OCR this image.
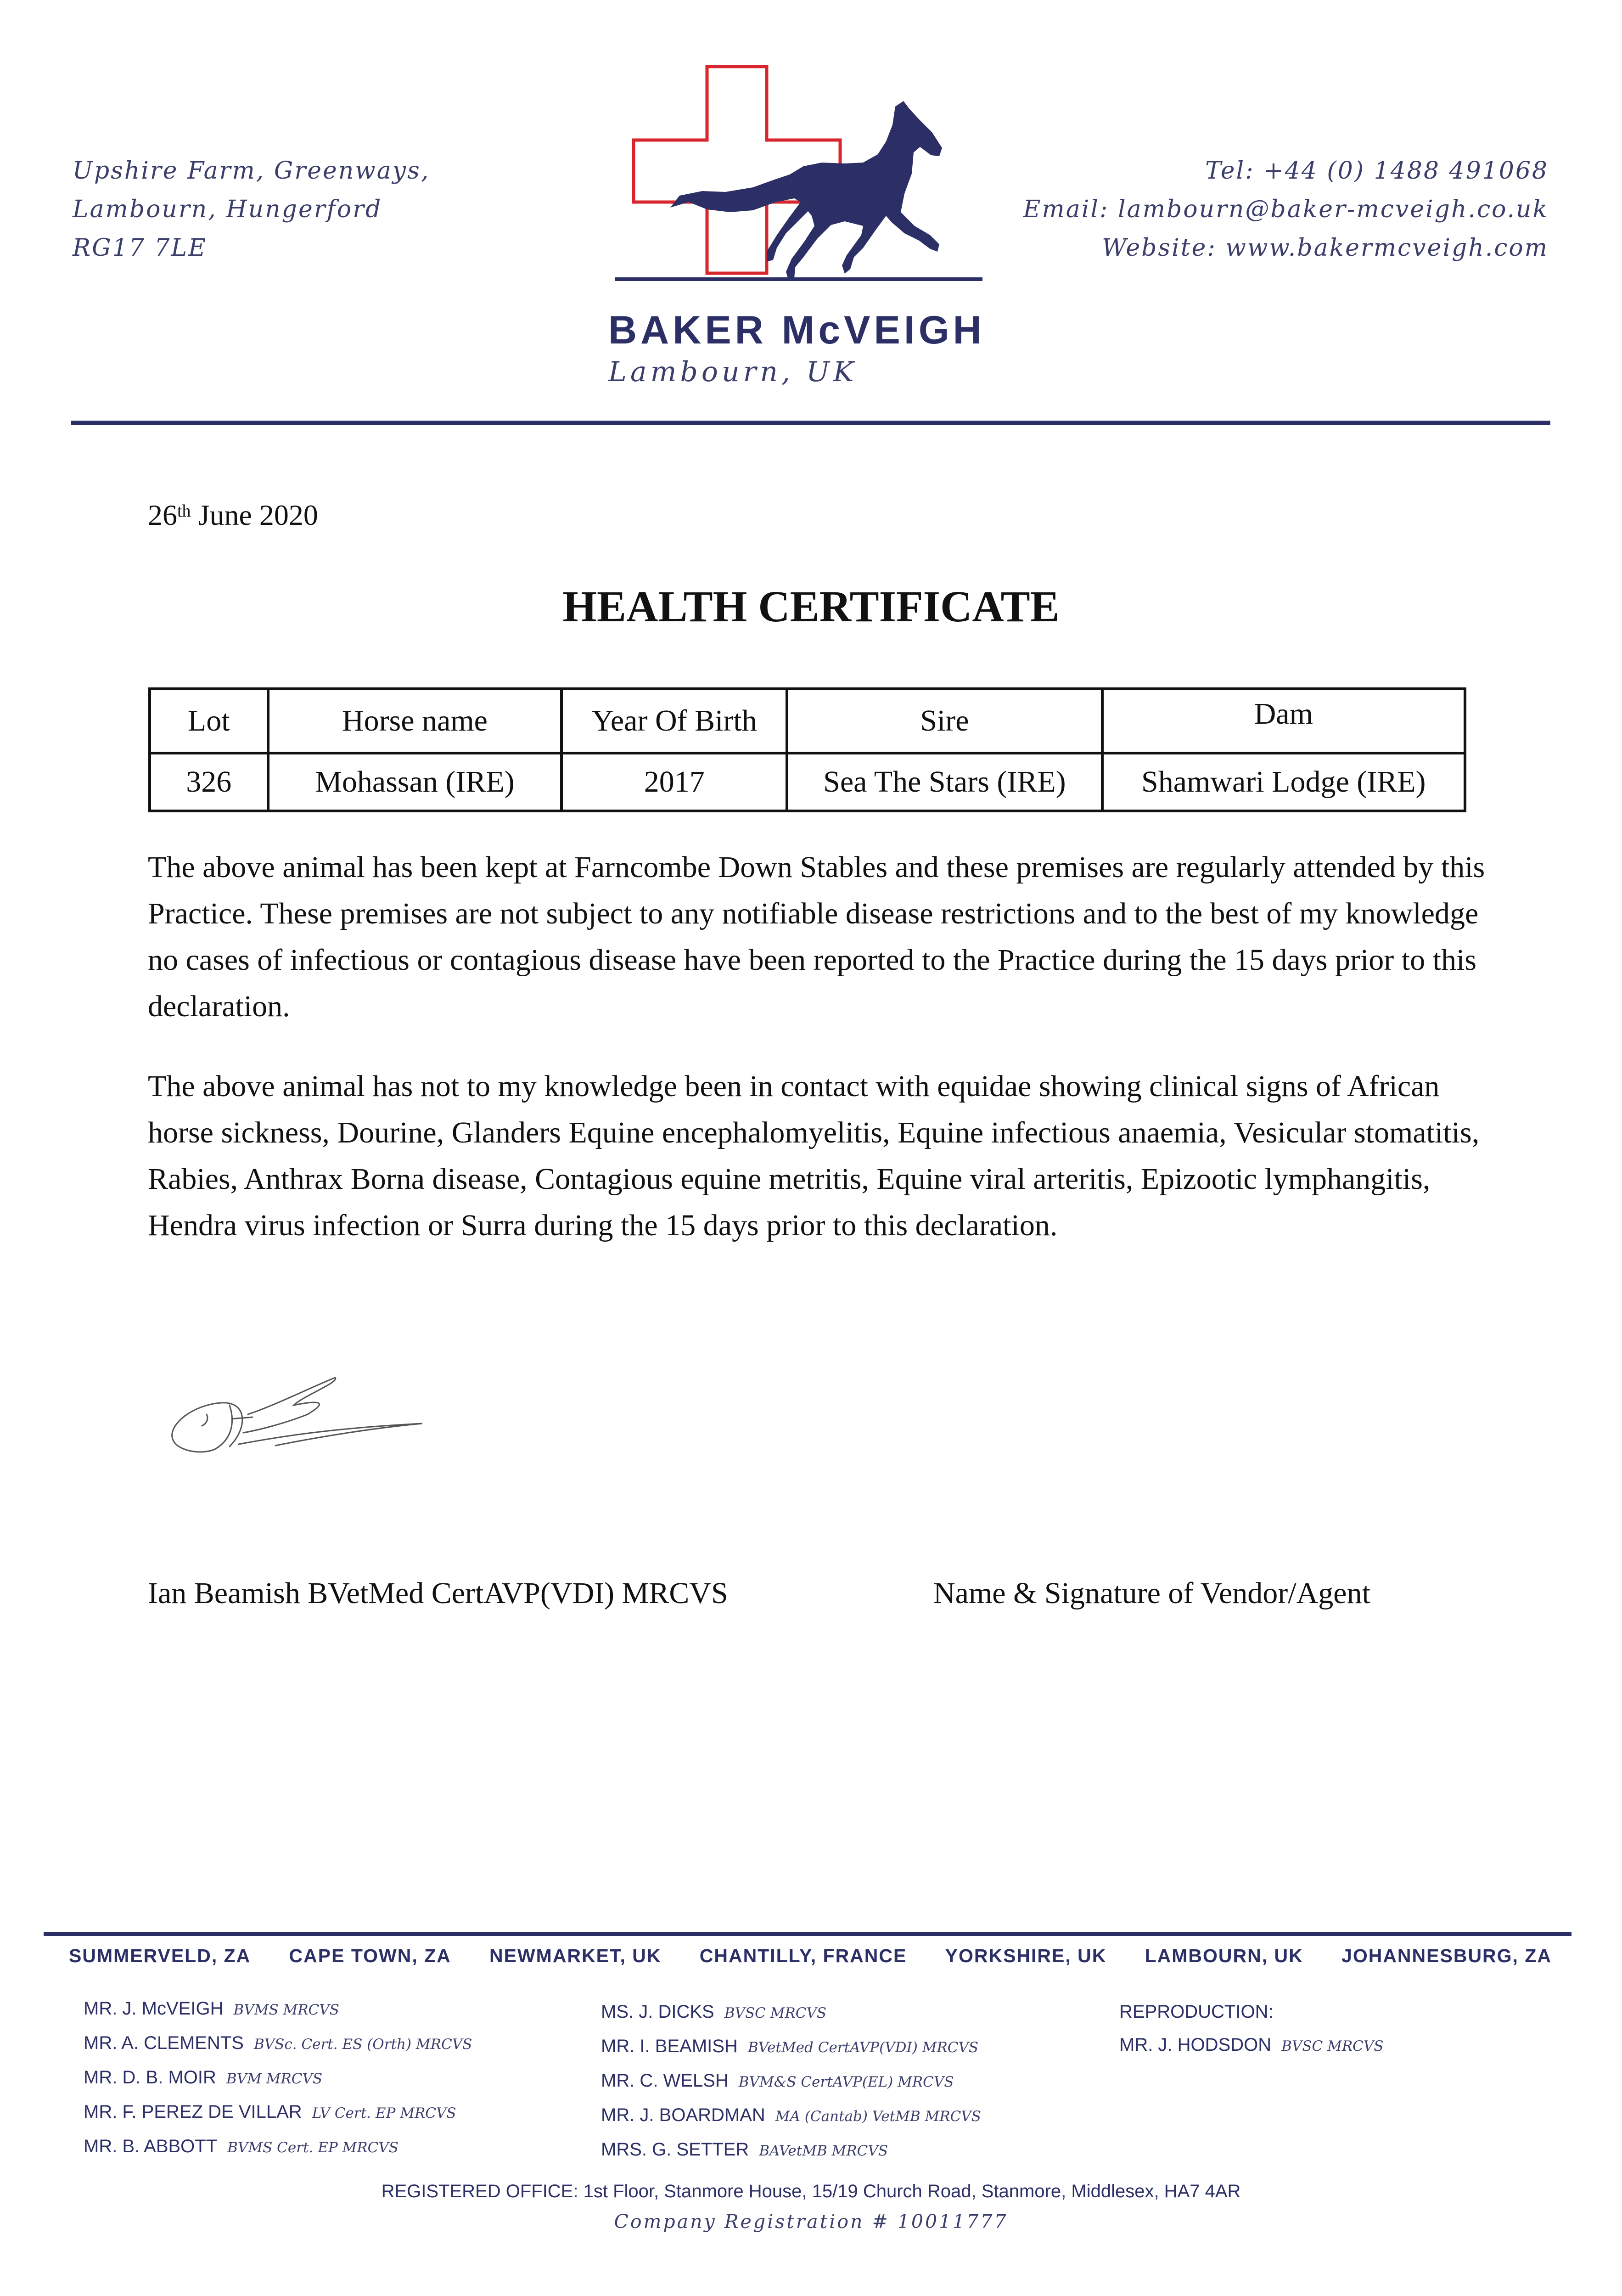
Upshire Farm, Greenways,
Lambourn, Hungerford
RG17 7LE
BAKER McVEIGH
Lambourn, UK
Tel: +44 (0) 1488 491068
Email: lambourn@baker-mcveigh.co.uk
Website: www.bakermcveigh.com
26th June 2020
HEALTH CERTIFICATE
Lot	Horse name	Year Of Birth	Sire	Dam
326	Mohassan (IRE)	2017	Sea The Stars (IRE)	Shamwari Lodge (IRE)
The above animal has been kept at Farncombe Down Stables and these premises are regularly attended by this Practice. These premises are not subject to any notifiable disease restrictions and to the best of my knowledge no cases of infectious or contagious disease have been reported to the Practice during the 15 days prior to this declaration.
The above animal has not to my knowledge been in contact with equidae showing clinical signs of African horse sickness, Dourine, Glanders Equine encephalomyelitis, Equine infectious anaemia, Vesicular stomatitis, Rabies, Anthrax Borna disease, Contagious equine metritis, Equine viral arteritis, Epizootic lymphangitis, Hendra virus infection or Surra during the 15 days prior to this declaration.
Ian Beamish BVetMed CertAVP(VDI) MRCVS	Name & Signature of Vendor/Agent
SUMMERVELD, ZA CAPE TOWN, ZA NEWMARKET, UK CHANTILLY, FRANCE YORKSHIRE, UK LAMBOURN, UK JOHANNESBURG, ZA
MR. J. McVEIGH BVMS MRCVS
MR. A. CLEMENTS BVSc. Cert. ES (Orth) MRCVS
MR. D. B. MOIR BVM MRCVS
MR. F. PEREZ DE VILLAR LV Cert. EP MRCVS
MR. B. ABBOTT BVMS Cert. EP MRCVS
MS. J. DICKS BVSC MRCVS
MR. I. BEAMISH BVetMed CertAVP(VDI) MRCVS
MR. C. WELSH BVM&S CertAVP(EL) MRCVS
MR. J. BOARDMAN MA (Cantab) VetMB MRCVS
MRS. G. SETTER BAVetMB MRCVS
REPRODUCTION:
MR. J. HODSDON BVSC MRCVS
REGISTERED OFFICE: 1st Floor, Stanmore House, 15/19 Church Road, Stanmore, Middlesex, HA7 4AR
Company Registration # 10011777
